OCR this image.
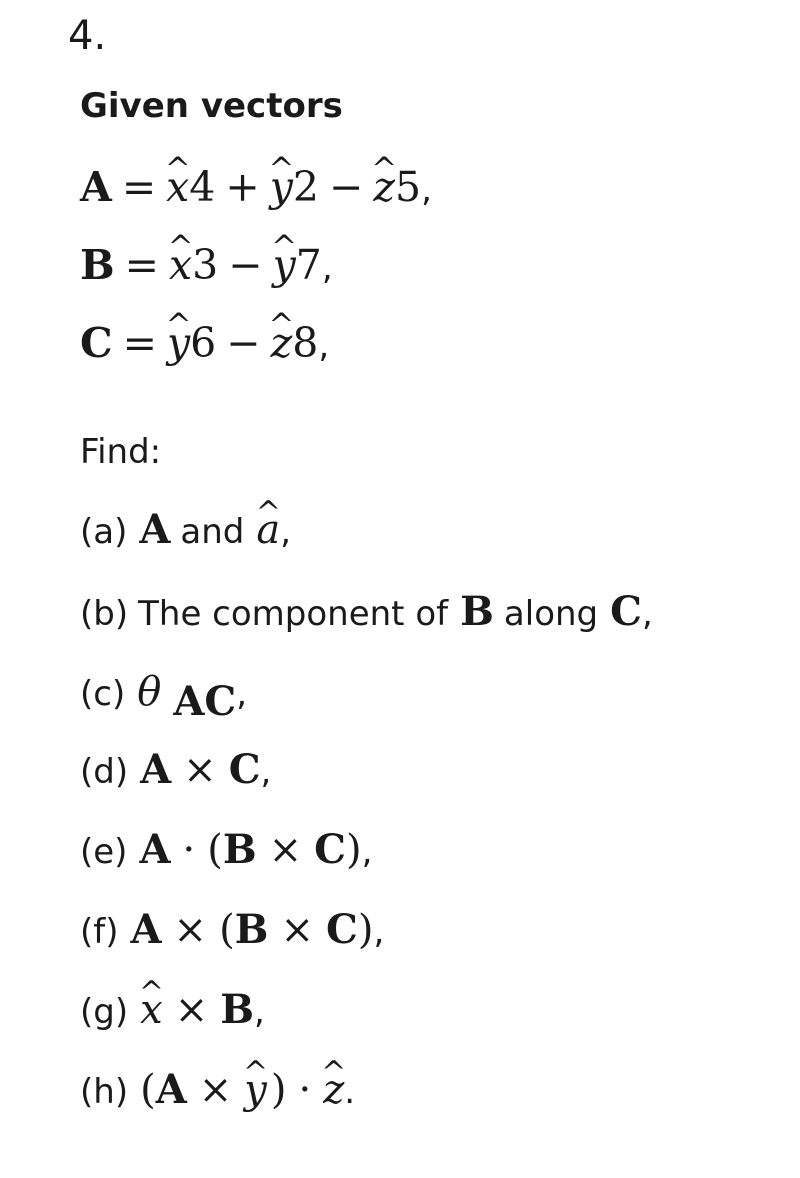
4.
Given vectors
A = ^ x 4 + ^ y 2 − ^ z 5 ,
B = ^ x 3 − ^ y 7 ,
C = ^ y 6 − ^ z 8 ,
Find:
(a) A and ^ a ,
(b) The component of B along C ,
(c) θ $_{AC}$ ,
(d) A × C ,
(e) A · ( B × C ) ,
(f) A × ( B × C ) ,
(g) ^ x × B ,
(h) ( A × ^ y ) · ^ z .
